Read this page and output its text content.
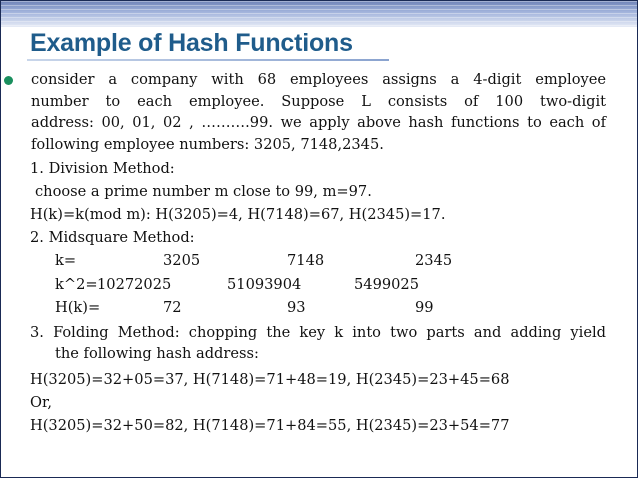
Example of Hash Functions
consider a company with 68 employees assigns a 4-digit employee
number to each employee. Suppose L consists of 100 two-digit
address: 00, 01, 02 , ……….99. we apply above hash functions to each of
following employee numbers: 3205, 7148,2345.
1. Division Method:
choose a prime number m close to 99, m=97.
H(k)=k(mod m): H(3205)=4, H(7148)=67, H(2345)=17.
2. Midsquare Method:
k=	3205	7148	2345
k^2= 10272025	51093904	5499025
H(k)=	72	93	99
3. Folding Method: chopping the key k into two parts and adding yield
the following hash address:
H(3205)=32+05=37, H(7148)=71+48=19, H(2345)=23+45=68
Or,
H(3205)=32+50=82, H(7148)=71+84=55, H(2345)=23+54=77
